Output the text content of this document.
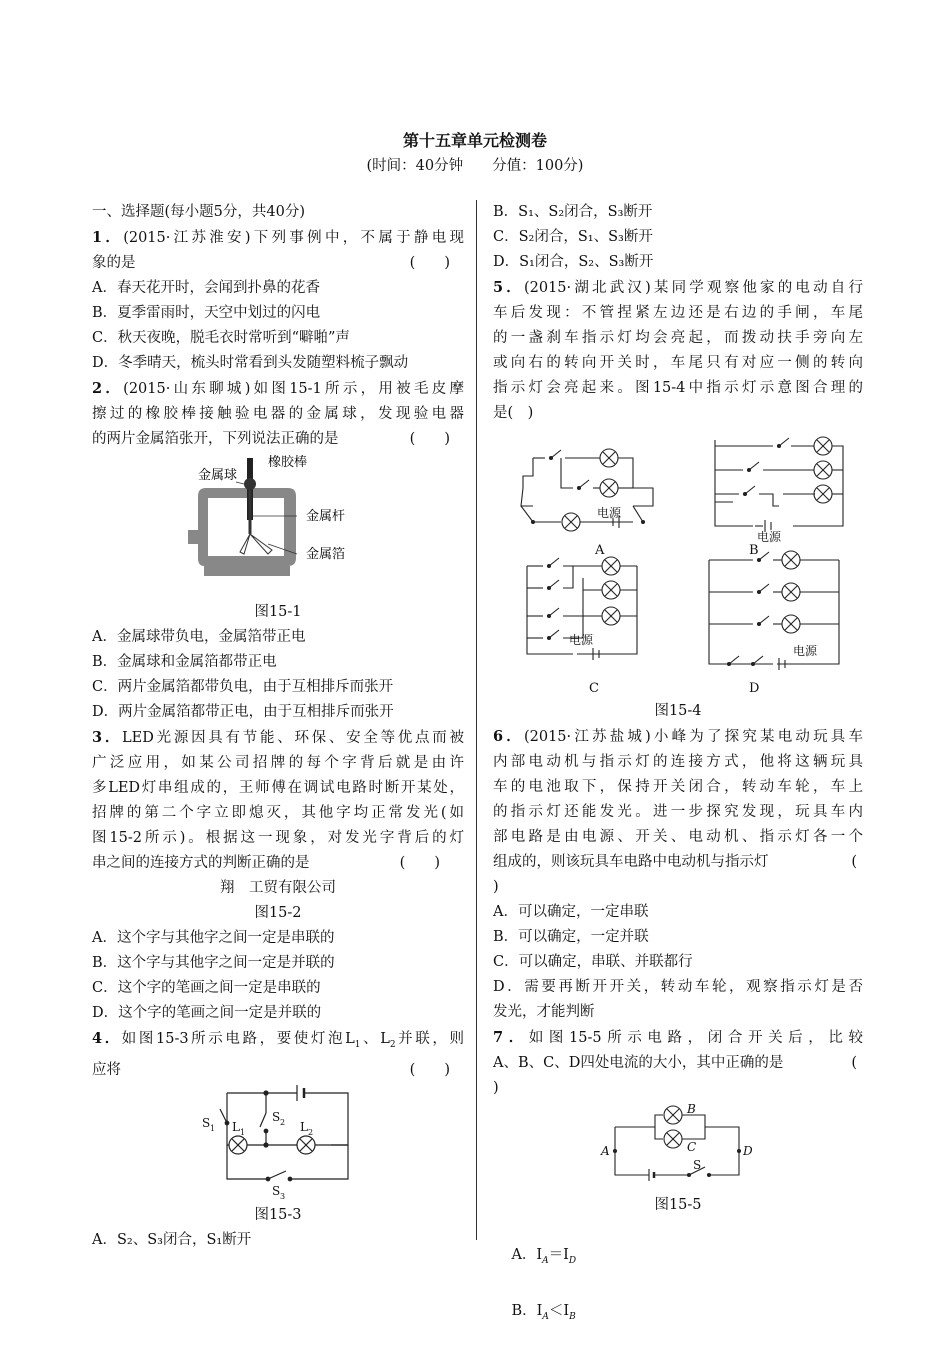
第十五章单元检测卷
(时间：40分钟　　分值：100分)
一、选择题(每小题5分，共40分)
1．(2015·江苏淮安)下列事例中，不属于静电现
象的是	(　　)
A．春天花开时，会闻到扑鼻的花香
B．夏季雷雨时，天空中划过的闪电
C．秋天夜晚，脱毛衣时常听到“噼啪”声
D．冬季晴天，梳头时常看到头发随塑料梳子飘动
2．(2015·山东聊城)如图15-1所示，用被毛皮摩
擦过的橡胶棒接触验电器的金属球，发现验电器
的两片金属箔张开，下列说法正确的是	(　　)
金属球
橡胶棒
金属杆
金属箔
图15-1
A．金属球带负电，金属箔带正电
B．金属球和金属箔都带正电
C．两片金属箔都带负电，由于互相排斥而张开
D．两片金属箔都带正电，由于互相排斥而张开
3．LED光源因具有节能、环保、安全等优点而被
广泛应用，如某公司招牌的每个字背后就是由许
多LED灯串组成的，王师傅在调试电路时断开某处，
招牌的第二个字立即熄灭，其他字均正常发光(如
图15-2所示)。根据这一现象，对发光字背后的灯
串之间的连接方式的判断正确的是	(　　)
翔　工贸有限公司
图15-2
A．这个字与其他字之间一定是串联的
B．这个字与其他字之间一定是并联的
C．这个字的笔画之间一定是串联的
D．这个字的笔画之间一定是并联的
4．如图15-3所示电路，要使灯泡$L_1$、$L_2$并联，则
应将	(　　)
S 1
S 2
L 1	L 2
S 3
图15-3
A．S₂、S₃闭合，S₁断开
B．S₁、S₂闭合，S₃断开
C．S₂闭合，S₁、S₃断开
D．S₁闭合，S₂、S₃断开
5．(2015·湖北武汉)某同学观察他家的电动自行
车后发现：不管捏紧左边还是右边的手闸，车尾
的一盏刹车指示灯均会亮起，而拨动扶手旁向左
或向右的转向开关时，车尾只有对应一侧的转向
指示灯会亮起来。图15-4中指示灯示意图合理的
是(　)
电源
A
电源
B
电源
C
电源
D
图15-4
6．(2015·江苏盐城)小峰为了探究某电动玩具车
内部电动机与指示灯的连接方式，他将这辆玩具
车的电池取下，保持开关闭合，转动车轮，车上
的指示灯还能发光。进一步探究发现，玩具车内
部电路是由电源、开关、电动机、指示灯各一个
组成的，则该玩具车电路中电动机与指示灯	(
)
A．可以确定，一定串联
B．可以确定，一定并联
C．可以确定，串联、并联都行
D．需要再断开开关，转动车轮，观察指示灯是否
发光，才能判断
7．如图15-5所示电路，闭合开关后，比较
A、B、C、D四处电流的大小，其中正确的是	(
)
B
C
A	D
S
图15-5

A．$I_A=I_D$

B．$I_A<I_B$
